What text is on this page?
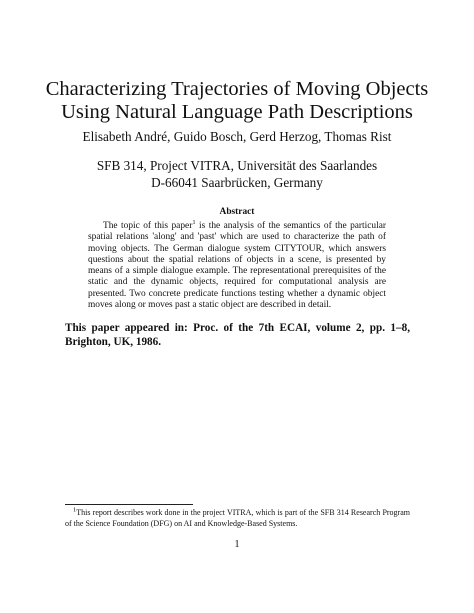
Characterizing Trajectories of Moving Objects
Using Natural Language Path Descriptions
Elisabeth André, Guido Bosch, Gerd Herzog, Thomas Rist
SFB 314, Project VITRA, Universität des Saarlandes
D-66041 Saarbrücken, Germany
Abstract

The topic of this paper$^1$ is the analysis of the semantics of the particular spatial relations 'along' and 'past' which are used to characterize the path of moving objects. The German dialogue system CITYTOUR, which answers questions about the spatial relations of objects in a scene, is presented by means of a simple dialogue example. The representational prerequisites of the static and the dynamic objects, required for computational analysis are presented. Two concrete predicate functions testing whether a dynamic object moves along or moves past a static object are described in detail.

This paper appeared in: Proc. of the 7th ECAI, volume 2, pp. 1–8, Brighton, UK, 1986.

$^1$This report describes work done in the project VITRA, which is part of the SFB 314 Research Program of the Science Foundation (DFG) on AI and Knowledge-Based Systems.

1
